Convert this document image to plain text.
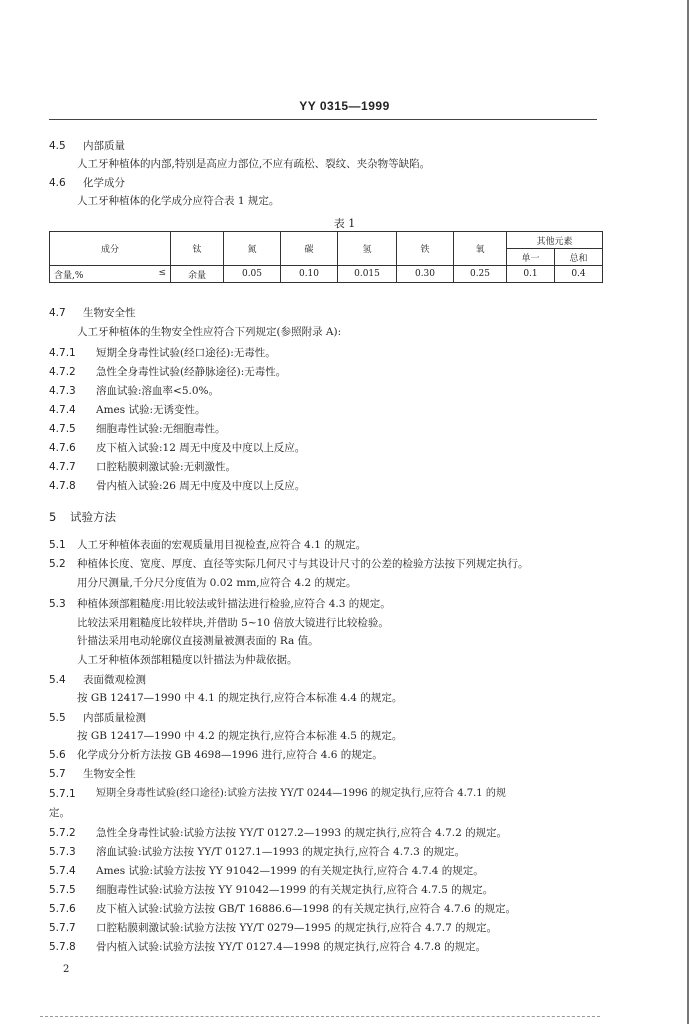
YY 0315—1999
4.5 内部质量
人工牙种植体的内部,特别是高应力部位,不应有疏松、裂纹、夹杂物等缺陷。
4.6 化学成分
人工牙种植体的化学成分应符合表 1 规定。
表 1
成分	钛	氮	碳	氢	铁	氧	其他元素	
							单一	总和
含量,% ≤	余量	0.05	0.10	0.015	0.30	0.25	0.1	0.4
4.7 生物安全性
人工牙种植体的生物安全性应符合下列规定(参照附录 A):
4.7.1 短期全身毒性试验(经口途径):无毒性。
4.7.2 急性全身毒性试验(经静脉途径):无毒性。
4.7.3 溶血试验:溶血率<5.0%。
4.7.4 Ames 试验:无诱变性。
4.7.5 细胞毒性试验:无细胞毒性。
4.7.6 皮下植入试验:12 周无中度及中度以上反应。
4.7.7 口腔粘膜刺激试验:无刺激性。
4.7.8 骨内植入试验:26 周无中度及中度以上反应。
5 试验方法
5.1 人工牙种植体表面的宏观质量用目视检查,应符合 4.1 的规定。
5.2 种植体长度、宽度、厚度、直径等实际几何尺寸与其设计尺寸的公差的检验方法按下列规定执行。
用分尺测量,千分尺分度值为 0.02 mm,应符合 4.2 的规定。
5.3 种植体颈部粗糙度:用比较法或针描法进行检验,应符合 4.3 的规定。
比较法采用粗糙度比较样块,并借助 5~10 倍放大镜进行比较检验。
针描法采用电动轮廓仪直接测量被测表面的 Ra 值。
人工牙种植体颈部粗糙度以针描法为仲裁依据。
5.4 表面微观检测
按 GB 12417—1990 中 4.1 的规定执行,应符合本标准 4.4 的规定。
5.5 内部质量检测
按 GB 12417—1990 中 4.2 的规定执行,应符合本标准 4.5 的规定。
5.6 化学成分分析方法按 GB 4698—1996 进行,应符合 4.6 的规定。
5.7 生物安全性
5.7.1 短期全身毒性试验(经口途径):试验方法按 YY/T 0244—1996 的规定执行,应符合 4.7.1 的规
定。
5.7.2 急性全身毒性试验:试验方法按 YY/T 0127.2—1993 的规定执行,应符合 4.7.2 的规定。
5.7.3 溶血试验:试验方法按 YY/T 0127.1—1993 的规定执行,应符合 4.7.3 的规定。
5.7.4 Ames 试验:试验方法按 YY 91042—1999 的有关规定执行,应符合 4.7.4 的规定。
5.7.5 细胞毒性试验:试验方法按 YY 91042—1999 的有关规定执行,应符合 4.7.5 的规定。
5.7.6 皮下植入试验:试验方法按 GB/T 16886.6—1998 的有关规定执行,应符合 4.7.6 的规定。
5.7.7 口腔粘膜刺激试验:试验方法按 YY/T 0279—1995 的规定执行,应符合 4.7.7 的规定。
5.7.8 骨内植入试验:试验方法按 YY/T 0127.4—1998 的规定执行,应符合 4.7.8 的规定。
2
